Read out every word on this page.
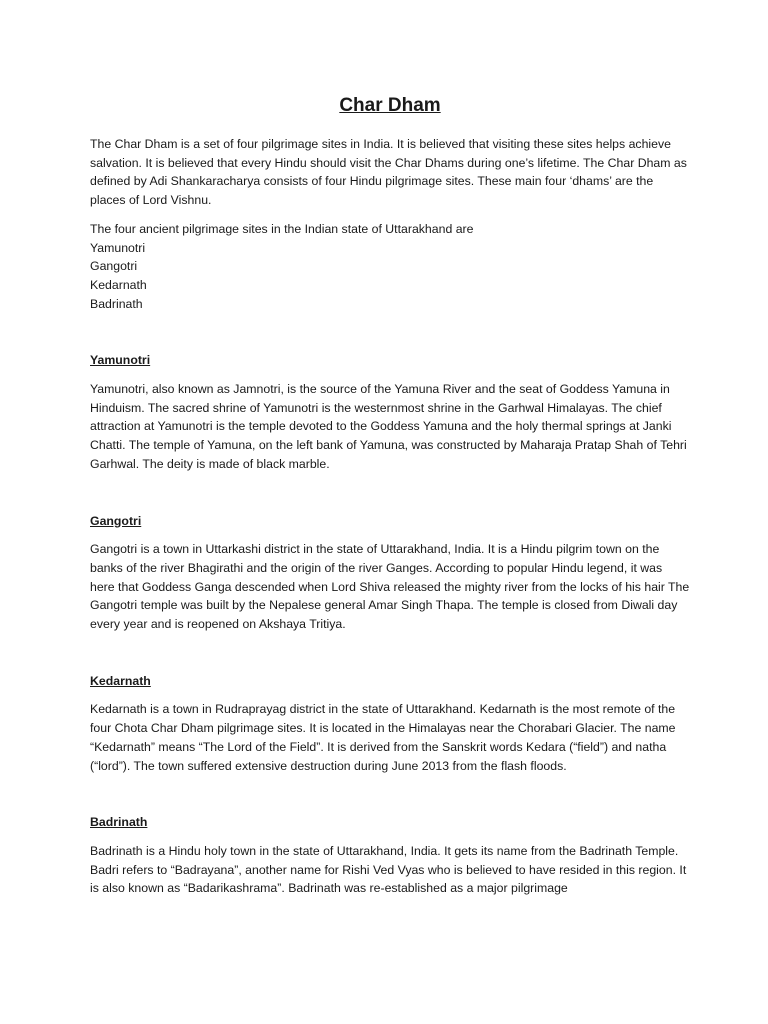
Char Dham

The Char Dham is a set of four pilgrimage sites in India. It is believed that visiting these sites helps achieve salvation. It is believed that every Hindu should visit the Char Dhams during one’s lifetime. The Char Dham as defined by Adi Shankaracharya consists of four Hindu pilgrimage sites. These main four ‘dhams’ are the places of Lord Vishnu.

The four ancient pilgrimage sites in the Indian state of Uttarakhand are

Yamunotri
Gangotri
Kedarnath
Badrinath
Yamunotri

Yamunotri, also known as Jamnotri, is the source of the Yamuna River and the seat of Goddess Yamuna in Hinduism. The sacred shrine of Yamunotri is the westernmost shrine in the Garhwal Himalayas. The chief attraction at Yamunotri is the temple devoted to the Goddess Yamuna and the holy thermal springs at Janki Chatti. The temple of Yamuna, on the left bank of Yamuna, was constructed by Maharaja Pratap Shah of Tehri Garhwal. The deity is made of black marble.

Gangotri

Gangotri is a town in Uttarkashi district in the state of Uttarakhand, India. It is a Hindu pilgrim town on the banks of the river Bhagirathi and the origin of the river Ganges. According to popular Hindu legend, it was here that Goddess Ganga descended when Lord Shiva released the mighty river from the locks of his hair The Gangotri temple was built by the Nepalese general Amar Singh Thapa. The temple is closed from Diwali day every year and is reopened on Akshaya Tritiya.

Kedarnath

Kedarnath is a town in Rudraprayag district in the state of Uttarakhand. Kedarnath is the most remote of the four Chota Char Dham pilgrimage sites. It is located in the Himalayas near the Chorabari Glacier. The name “Kedarnath” means “The Lord of the Field”. It is derived from the Sanskrit words Kedara (“field”) and natha (“lord”). The town suffered extensive destruction during June 2013 from the flash floods.

Badrinath

Badrinath is a Hindu holy town in the state of Uttarakhand, India. It gets its name from the Badrinath Temple. Badri refers to “Badrayana”, another name for Rishi Ved Vyas who is believed to have resided in this region. It is also known as “Badarikashrama”. Badrinath was re-established as a major pilgrimage
